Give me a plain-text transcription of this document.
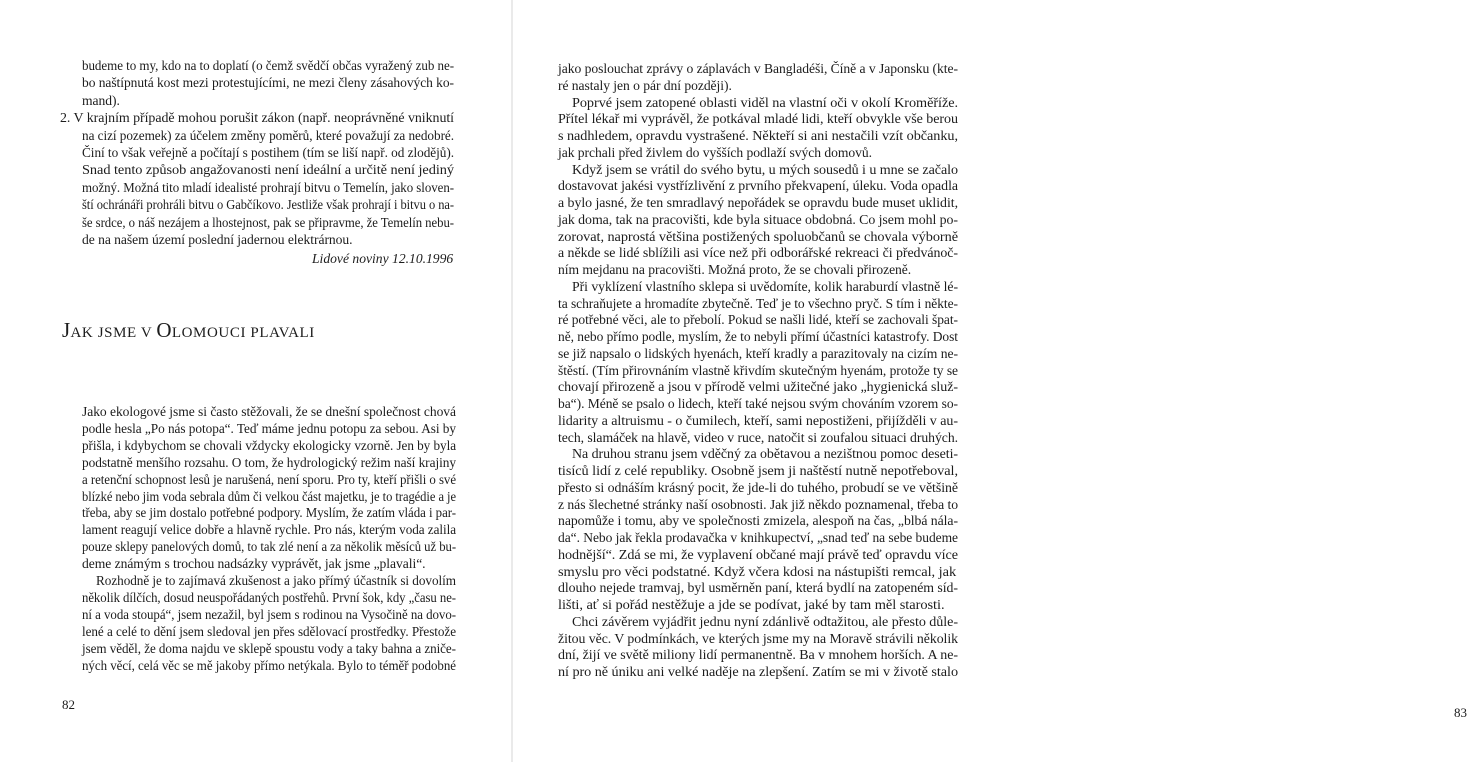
budeme to my, kdo na to doplatí (o čemž svědčí občas vyražený zub ne-

bo naštípnutá kost mezi protestujícími, ne mezi členy zásahových ko-

mand).

2. V krajním případě mohou porušit zákon (např. neoprávněné vniknutí

na cizí pozemek) za účelem změny poměrů, které považují za nedobré.

Činí to však veřejně a počítají s postihem (tím se liší např. od zlodějů).

Snad tento způsob angažovanosti není ideální a určitě není jediný

možný. Možná tito mladí idealisté prohrají bitvu o Temelín, jako sloven-

ští ochránáři prohráli bitvu o Gabčíkovo. Jestliže však prohrají i bitvu o na-

še srdce, o náš nezájem a lhostejnost, pak se připravme, že Temelín nebu-

de na našem území poslední jadernou elektrárnou.

Lidové noviny 12.10.1996
JAK JSME V OLOMOUCI PLAVALI

Jako ekologové jsme si často stěžovali, že se dnešní společnost chová

podle hesla „Po nás potopa“. Teď máme jednu potopu za sebou. Asi by

přišla, i kdybychom se chovali vždycky ekologicky vzorně. Jen by byla

podstatně menšího rozsahu. O tom, že hydrologický režim naší krajiny

a retenční schopnost lesů je narušená, není sporu. Pro ty, kteří přišli o své

blízké nebo jim voda sebrala dům či velkou část majetku, je to tragédie a je

třeba, aby se jim dostalo potřebné podpory. Myslím, že zatím vláda i par-

lament reagují velice dobře a hlavně rychle. Pro nás, kterým voda zalila

pouze sklepy panelových domů, to tak zlé není a za několik měsíců už bu-

deme známým s trochou nadsázky vyprávět, jak jsme „plavali“.

Rozhodně je to zajímavá zkušenost a jako přímý účastník si dovolím

několik dílčích, dosud neuspořádaných postřehů. První šok, kdy „času ne-

ní a voda stoupá“, jsem nezažil, byl jsem s rodinou na Vysočině na dovo-

lené a celé to dění jsem sledoval jen přes sdělovací prostředky. Přestože

jsem věděl, že doma najdu ve sklepě spoustu vody a taky bahna a zniče-

ných věcí, celá věc se mě jakoby přímo netýkala. Bylo to téměř podobné

82

jako poslouchat zprávy o záplavách v Bangladéši, Číně a v Japonsku (kte-

ré nastaly jen o pár dní později).

Poprvé jsem zatopené oblasti viděl na vlastní oči v okolí Kroměříže.

Přítel lékař mi vyprávěl, že potkával mladé lidi, kteří obvykle vše berou

s nadhledem, opravdu vystrašené. Někteří si ani nestačili vzít občanku,

jak prchali před živlem do vyšších podlaží svých domovů.

Když jsem se vrátil do svého bytu, u mých sousedů i u mne se začalo

dostavovat jakési vystřízlivění z prvního překvapení, úleku. Voda opadla

a bylo jasné, že ten smradlavý nepořádek se opravdu bude muset uklidit,

jak doma, tak na pracovišti, kde byla situace obdobná. Co jsem mohl po-

zorovat, naprostá většina postižených spoluobčanů se chovala výborně

a někde se lidé sblížili asi více než při odborářské rekreaci či předvánoč-

ním mejdanu na pracovišti. Možná proto, že se chovali přirozeně.

Při vyklízení vlastního sklepa si uvědomíte, kolik haraburdí vlastně lé-

ta schraňujete a hromadíte zbytečně. Teď je to všechno pryč. S tím i někte-

ré potřebné věci, ale to přebolí. Pokud se našli lidé, kteří se zachovali špat-

ně, nebo přímo podle, myslím, že to nebyli přímí účastníci katastrofy. Dost

se již napsalo o lidských hyenách, kteří kradly a parazitovaly na cizím ne-

štěstí. (Tím přirovnáním vlastně křivdím skutečným hyenám, protože ty se

chovají přirozeně a jsou v přírodě velmi užitečné jako „hygienická služ-

ba“). Méně se psalo o lidech, kteří také nejsou svým chováním vzorem so-

lidarity a altruismu - o čumilech, kteří, sami nepostiženi, přijížděli v au-

tech, slamáček na hlavě, video v ruce, natočit si zoufalou situaci druhých.

Na druhou stranu jsem vděčný za obětavou a nezištnou pomoc deseti-

tisíců lidí z celé republiky. Osobně jsem ji naštěstí nutně nepotřeboval,

přesto si odnáším krásný pocit, že jde-li do tuhého, probudí se ve většině

z nás šlechetné stránky naší osobnosti. Jak již někdo poznamenal, třeba to

napomůže i tomu, aby ve společnosti zmizela, alespoň na čas, „blbá nála-

da“. Nebo jak řekla prodavačka v knihkupectví, „snad teď na sebe budeme

hodnější“. Zdá se mi, že vyplavení občané mají právě teď opravdu více

smyslu pro věci podstatné. Když včera kdosi na nástupišti remcal, jak

dlouho nejede tramvaj, byl usměrněn paní, která bydlí na zatopeném síd-

lišti, ať si pořád nestěžuje a jde se podívat, jaké by tam měl starosti.

Chci závěrem vyjádřit jednu nyní zdánlivě odtažitou, ale přesto důle-

žitou věc. V podmínkách, ve kterých jsme my na Moravě strávili několik

dní, žijí ve světě miliony lidí permanentně. Ba v mnohem horších. A ne-

ní pro ně úniku ani velké naděje na zlepšení. Zatím se mi v životě stalo

83
